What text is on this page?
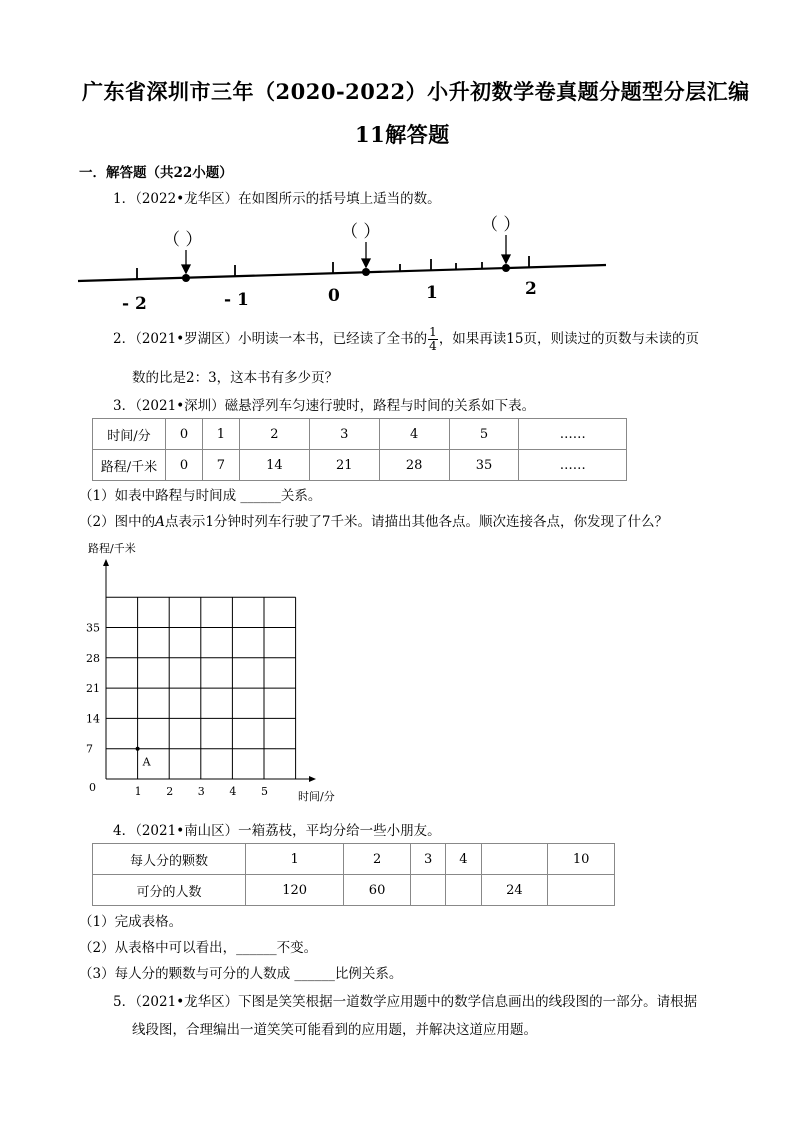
广东省深圳市三年（2020-2022）小升初数学卷真题分题型分层汇编
11解答题
一．解答题（共22小题）
1．（2022•龙华区）在如图所示的括号填上适当的数。
（ ）	（ ）	（ ）
- 2	- 1	0	1	2
2．（2021•罗湖区）小明读一本书，已经读了全书的 $\frac{1}{4}$ ，如果再读15页，则读过的页数与未读的页
数的比是2：3，这本书有多少页？
3．（2021•深圳）磁悬浮列车匀速行驶时，路程与时间的关系如下表。
时间/分	0	1	2	3	4	5	……
路程/千米	0	7	14	21	28	35	……
（1）如表中路程与时间成 ______关系。
（2）图中的A点表示1分钟时列车行驶了7千米。请描出其他各点。顺次连接各点，你发现了什么？
路程/千米
0
时间/分
1 2 3 4 5
7
14
21
28
35
A
4．（2021•南山区）一箱荔枝，平均分给一些小朋友。
每人分的颗数	1	2	3	4		10
可分的人数	120	60			24	
（1）完成表格。
（2）从表格中可以看出，______不变。
（3）每人分的颗数与可分的人数成 ______比例关系。
5．（2021•龙华区）下图是笑笑根据一道数学应用题中的数学信息画出的线段图的一部分。请根据
线段图，合理编出一道笑笑可能看到的应用题，并解决这道应用题。
